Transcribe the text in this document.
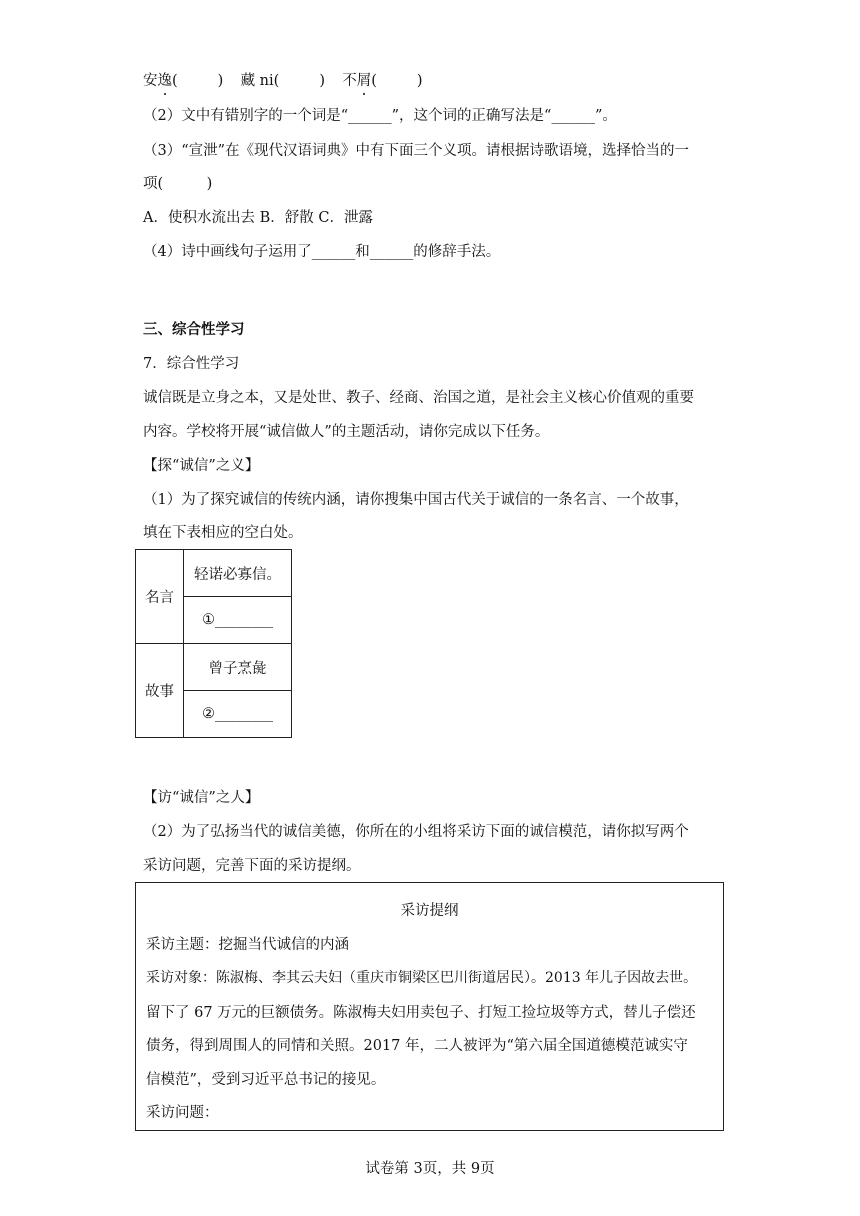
安逸(	) 藏 ni(	) 不屑(	)
（2）文中有错别字的一个词是“______”，这个词的正确写法是“______”。
（3）“宣泄”在《现代汉语词典》中有下面三个义项。请根据诗歌语境，选择恰当的一
项(　　　)
A．使积水流出去 B．舒散 C．泄露
（4）诗中画线句子运用了______和______的修辞手法。
三、综合性学习
7．综合性学习
诚信既是立身之本，又是处世、教子、经商、治国之道，是社会主义核心价值观的重要
内容。学校将开展“诚信做人”的主题活动，请你完成以下任务。
【探“诚信”之义】
（1）为了探究诚信的传统内涵，请你搜集中国古代关于诚信的一条名言、一个故事，
填在下表相应的空白处。
名言	轻诺必寡信。
	①________
故事	曾子烹彘
	②________
【访“诚信”之人】
（2）为了弘扬当代的诚信美德，你所在的小组将采访下面的诚信模范，请你拟写两个
采访问题，完善下面的采访提纲。
采访提纲
采访主题：挖掘当代诚信的内涵
采访对象：陈淑梅、李其云夫妇（重庆市铜梁区巴川街道居民）。2013 年儿子因故去世。
留下了 67 万元的巨额债务。陈淑梅夫妇用卖包子、打短工捡垃圾等方式，替儿子偿还
债务，得到周围人的同情和关照。2017 年，二人被评为“第六届全国道德模范诚实守
信模范”，受到习近平总书记的接见。
采访问题：
试卷第 3页，共 9页
